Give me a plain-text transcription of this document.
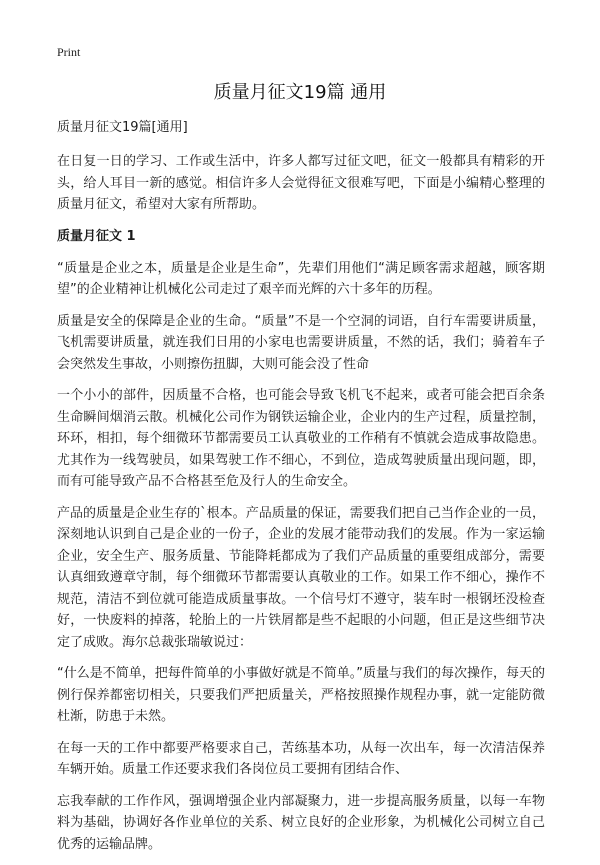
Print
质量月征文19篇 通用

质量月征文19篇[通用]

在日复一日的学习、工作或生活中，许多人都写过征文吧，征文一般都具有精彩的开头，给人耳目一新的感觉。相信许多人会觉得征文很难写吧，下面是小编精心整理的质量月征文，希望对大家有所帮助。

质量月征文 1

“质量是企业之本，质量是企业是生命”，先辈们用他们“满足顾客需求超越，顾客期望”的企业精神让机械化公司走过了艰辛而光辉的六十多年的历程。

质量是安全的保障是企业的生命。“质量”不是一个空洞的词语，自行车需要讲质量，飞机需要讲质量，就连我们日用的小家电也需要讲质量，不然的话，我们；骑着车子会突然发生事故，小则擦伤扭脚，大则可能会没了性命

一个小小的部件，因质量不合格，也可能会导致飞机飞不起来，或者可能会把百余条生命瞬间烟消云散。机械化公司作为钢铁运输企业，企业内的生产过程，质量控制，环环，相扣，每个细微环节都需要员工认真敬业的工作稍有不慎就会造成事故隐患。尤其作为一线驾驶员，如果驾驶工作不细心，不到位，造成驾驶质量出现问题，即，而有可能导致产品不合格甚至危及行人的生命安全。

产品的质量是企业生存的`根本。产品质量的保证，需要我们把自己当作企业的一员，深刻地认识到自己是企业的一份子，企业的发展才能带动我们的发展。作为一家运输企业，安全生产、服务质量、节能降耗都成为了我们产品质量的重要组成部分，需要认真细致遵章守制，每个细微环节都需要认真敬业的工作。如果工作不细心，操作不规范，清洁不到位就可能造成质量事故。一个信号灯不遵守，装车时一根钢坯没检查好，一快废料的掉落，轮胎上的一片铁屑都是些不起眼的小问题，但正是这些细节决定了成败。海尔总裁张瑞敏说过：

“什么是不简单，把每件简单的小事做好就是不简单。”质量与我们的每次操作，每天的例行保养都密切相关，只要我们严把质量关，严格按照操作规程办事，就一定能防微杜渐，防患于未然。

在每一天的工作中都要严格要求自己，苦练基本功，从每一次出车，每一次清洁保养车辆开始。质量工作还要求我们各岗位员工要拥有团结合作、

忘我奉献的工作作风，强调增强企业内部凝聚力，进一步提高服务质量，以每一车物料为基础，协调好各作业单位的关系、树立良好的企业形象，为机械化公司树立自己优秀的运输品牌。
